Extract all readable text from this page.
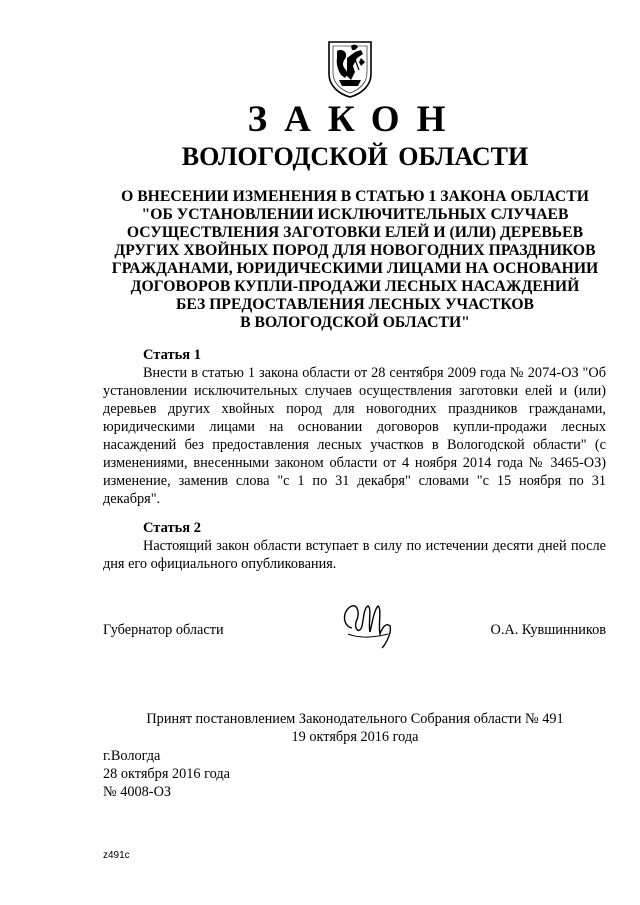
ЗАКОН
ВОЛОГОДСКОЙ ОБЛАСТИ
О ВНЕСЕНИИ ИЗМЕНЕНИЯ В СТАТЬЮ 1 ЗАКОНА ОБЛАСТИ
"ОБ УСТАНОВЛЕНИИ ИСКЛЮЧИТЕЛЬНЫХ СЛУЧАЕВ
ОСУЩЕСТВЛЕНИЯ ЗАГОТОВКИ ЕЛЕЙ И (ИЛИ) ДЕРЕВЬЕВ
ДРУГИХ ХВОЙНЫХ ПОРОД ДЛЯ НОВОГОДНИХ ПРАЗДНИКОВ
ГРАЖДАНАМИ, ЮРИДИЧЕСКИМИ ЛИЦАМИ НА ОСНОВАНИИ
ДОГОВОРОВ КУПЛИ-ПРОДАЖИ ЛЕСНЫХ НАСАЖДЕНИЙ
БЕЗ ПРЕДОСТАВЛЕНИЯ ЛЕСНЫХ УЧАСТКОВ
В ВОЛОГОДСКОЙ ОБЛАСТИ"
Статья 1
Внести в статью 1 закона области от 28 сентября 2009 года № 2074-ОЗ "Об установлении исключительных случаев осуществления заготовки елей и (или) деревьев других хвойных пород для новогодних праздников гражданами, юридическими лицами на основании договоров купли-продажи лесных насаждений без предоставления лесных участков в Вологодской области" (с изменениями, внесенными законом области от 4 ноября 2014 года № 3465-ОЗ) изменение, заменив слова "с 1 по 31 декабря" словами "с 15 ноября по 31 декабря".
Статья 2
Настоящий закон области вступает в силу по истечении десяти дней после дня его официального опубликования.
Губернатор области	О.А. Кувшинников
Принят постановлением Законодательного Собрания области № 491
19 октября 2016 года
г.Вологда
28 октября 2016 года
№ 4008-ОЗ
z491c
